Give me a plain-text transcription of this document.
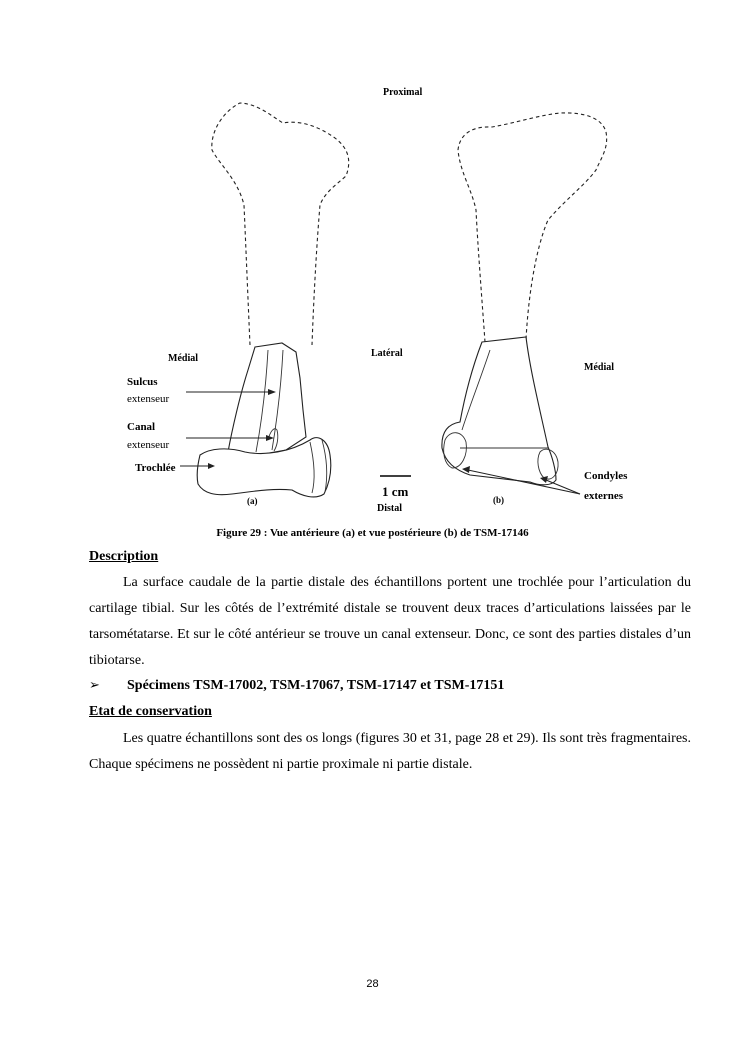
Proximal
Médial	Latéral
Médial
Sulcus
extenseur
Canal
extenseur
Trochlée
1 cm
Distal
(a)	(b)
Condyles
externes
Figure 29 : Vue antérieure (a) et vue postérieure (b) de TSM-17146
Description
La surface caudale de la partie distale des échantillons portent une trochlée pour l’articulation du cartilage tibial. Sur les côtés de l’extrémité distale se trouvent deux traces d’articulations laissées par le tarsométatarse. Et sur le côté antérieur se trouve un canal extenseur. Donc, ce sont des parties distales d’un tibiotarse.
➢ Spécimens TSM-17002, TSM-17067, TSM-17147 et TSM-17151
Etat de conservation
Les quatre échantillons sont des os longs (figures 30 et 31, page 28 et 29). Ils sont très fragmentaires. Chaque spécimens ne possèdent ni partie proximale ni partie distale.
28
